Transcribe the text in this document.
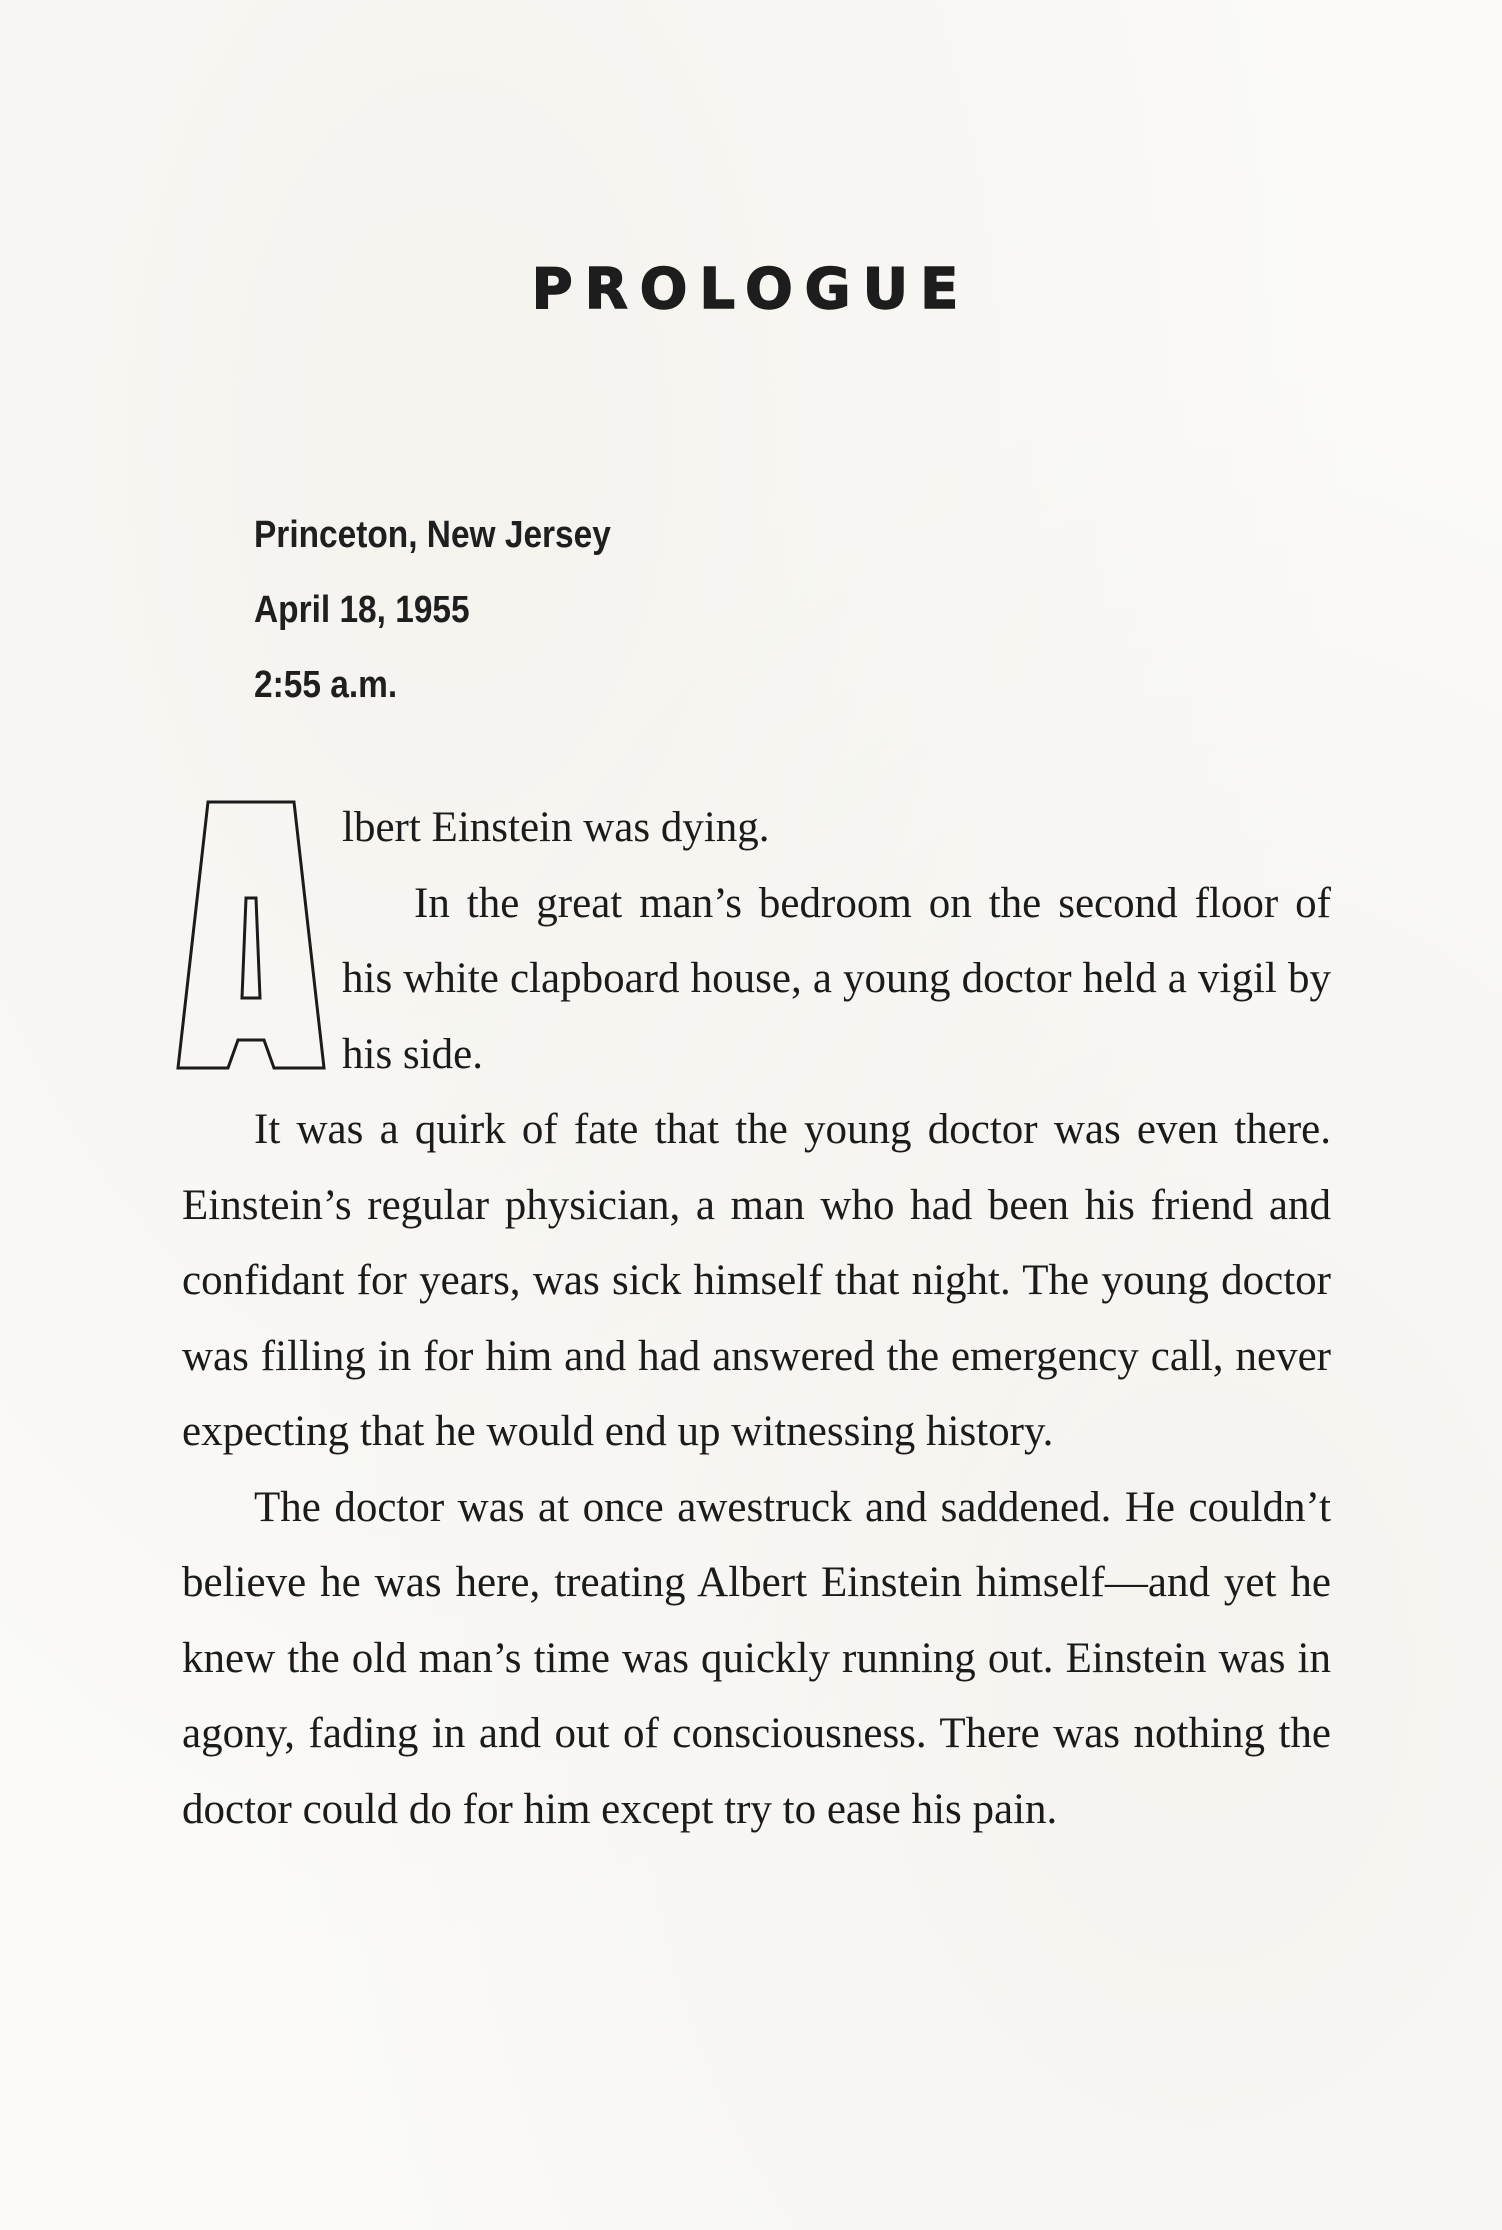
PROLOGUE
Princeton, New Jersey
April 18, 1955
2:55 a.m.

lbert Einstein was dying.

In the great man’s bedroom on the second floor of his white clapboard house, a young doctor held a vigil by his side.

It was a quirk of fate that the young doctor was even there. Einstein’s regular physician, a man who had been his friend and confidant for years, was sick himself that night. The young doctor was filling in for him and had answered the emergency call, never expecting that he would end up witnessing history.

The doctor was at once awestruck and saddened. He couldn’t believe he was here, treating Albert Einstein himself—and yet he knew the old man’s time was quickly running out. Einstein was in agony, fading in and out of consciousness. There was nothing the doctor could do for him except try to ease his pain.
